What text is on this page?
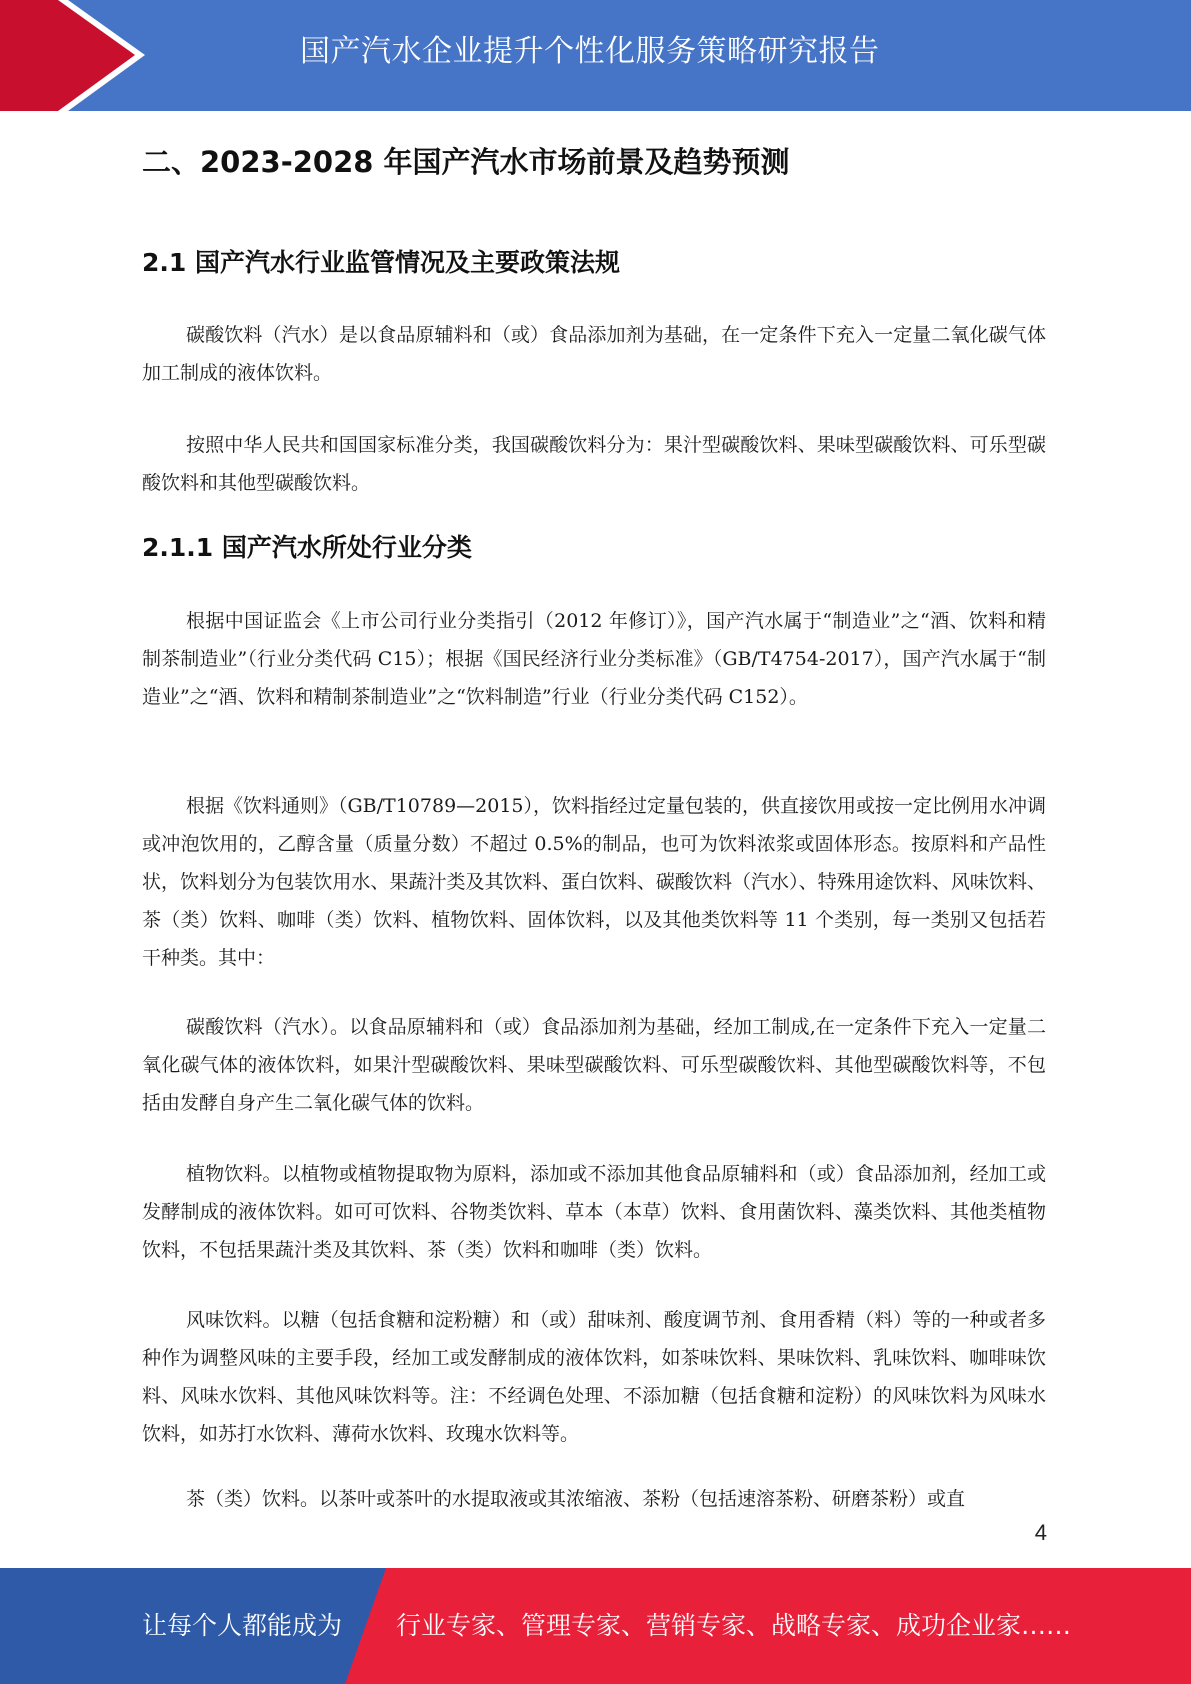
国产汽水企业提升个性化服务策略研究报告
二、2023-2028 年国产汽水市场前景及趋势预测
2.1 国产汽水行业监管情况及主要政策法规

碳酸饮料（汽水）是以食品原辅料和（或）食品添加剂为基础，在一定条件下充入一定量二氧化碳气体加工制成的液体饮料。

按照中华人民共和国国家标准分类，我国碳酸饮料分为：果汁型碳酸饮料、果味型碳酸饮料、可乐型碳酸饮料和其他型碳酸饮料。

2.1.1 国产汽水所处行业分类

根据中国证监会《上市公司行业分类指引（2012 年修订）》，国产汽水属于“制造业”之“酒、饮料和精制茶制造业”（行业分类代码 C15）；根据《国民经济行业分类标准》（GB/T4754-2017），国产汽水属于“制造业”之“酒、饮料和精制茶制造业”之“饮料制造”行业（行业分类代码 C152）。

根据《饮料通则》（GB/T10789—2015），饮料指经过定量包装的，供直接饮用或按一定比例用水冲调或冲泡饮用的，乙醇含量（质量分数）不超过 0.5%的制品，也可为饮料浓浆或固体形态。按原料和产品性状，饮料划分为包装饮用水、果蔬汁类及其饮料、蛋白饮料、碳酸饮料（汽水）、特殊用途饮料、风味饮料、茶（类）饮料、咖啡（类）饮料、植物饮料、固体饮料，以及其他类饮料等 11 个类别，每一类别又包括若干种类。其中：

碳酸饮料（汽水）。以食品原辅料和（或）食品添加剂为基础，经加工制成,在一定条件下充入一定量二氧化碳气体的液体饮料，如果汁型碳酸饮料、果味型碳酸饮料、可乐型碳酸饮料、其他型碳酸饮料等，不包括由发酵自身产生二氧化碳气体的饮料。

植物饮料。以植物或植物提取物为原料，添加或不添加其他食品原辅料和（或）食品添加剂，经加工或发酵制成的液体饮料。如可可饮料、谷物类饮料、草本（本草）饮料、食用菌饮料、藻类饮料、其他类植物饮料，不包括果蔬汁类及其饮料、茶（类）饮料和咖啡（类）饮料。

风味饮料。以糖（包括食糖和淀粉糖）和（或）甜味剂、酸度调节剂、食用香精（料）等的一种或者多种作为调整风味的主要手段，经加工或发酵制成的液体饮料，如茶味饮料、果味饮料、乳味饮料、咖啡味饮料、风味水饮料、其他风味饮料等。注：不经调色处理、不添加糖（包括食糖和淀粉）的风味饮料为风味水饮料，如苏打水饮料、薄荷水饮料、玫瑰水饮料等。

茶（类）饮料。以茶叶或茶叶的水提取液或其浓缩液、茶粉（包括速溶茶粉、研磨茶粉）或直

4
让每个人都能成为 行业专家、管理专家、营销专家、战略专家、成功企业家……
